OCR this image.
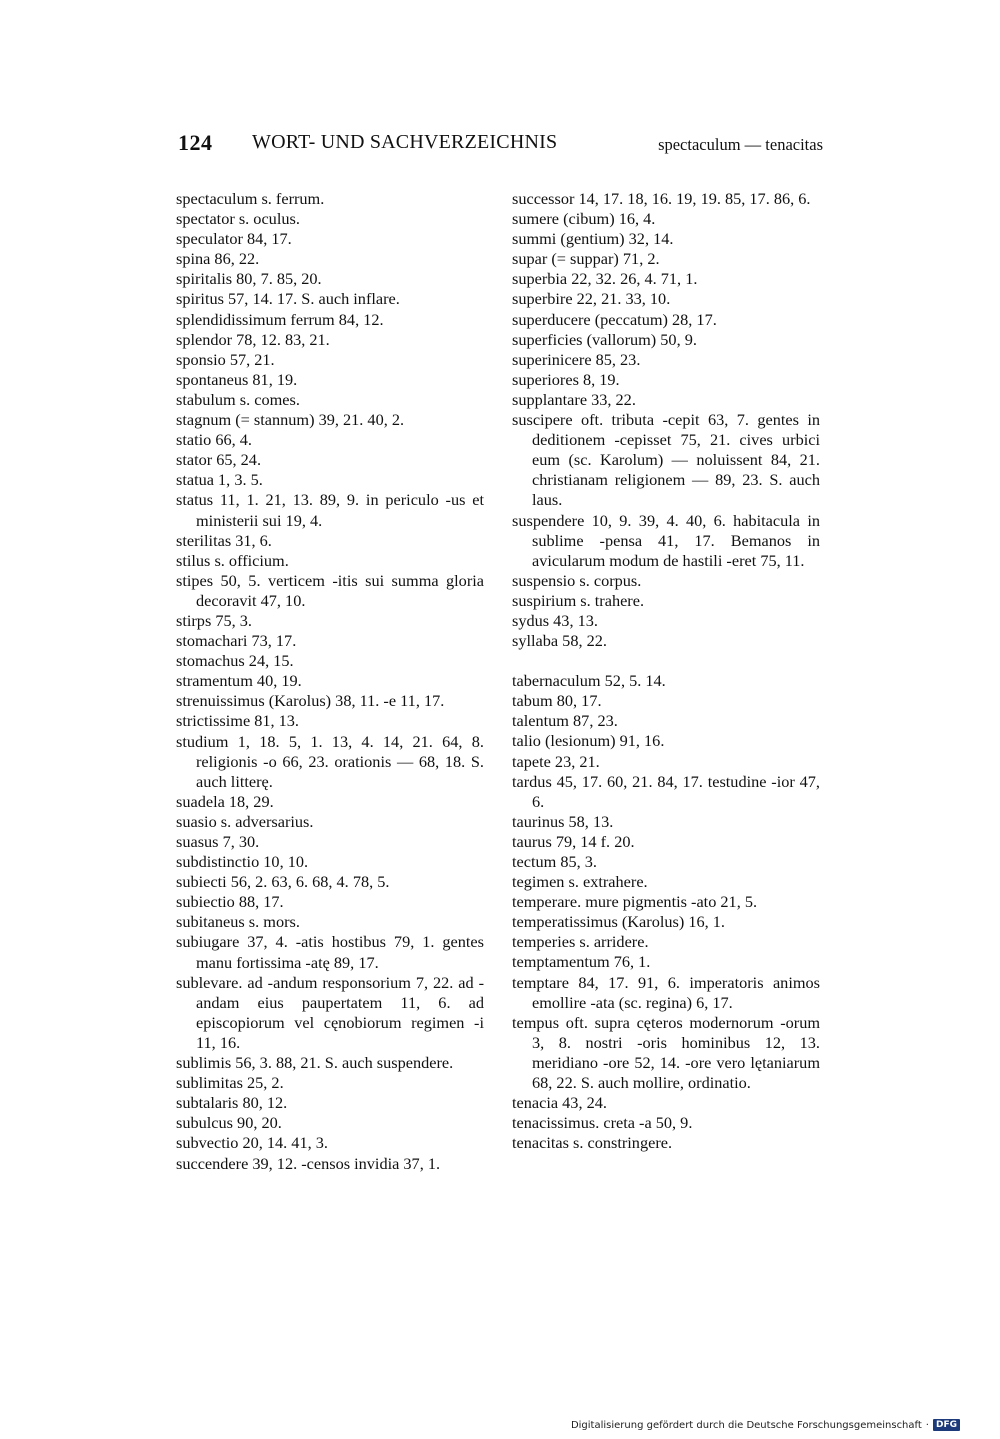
124 WORT- UND SACHVERZEICHNIS	spectaculum — tenacitas

spectaculum s. ferrum.

spectator s. oculus.

speculator 84, 17.

spina 86, 22.

spiritalis 80, 7. 85, 20.

spiritus 57, 14. 17. S. auch inflare.

splendidissimum ferrum 84, 12.

splendor 78, 12. 83, 21.

sponsio 57, 21.

spontaneus 81, 19.

stabulum s. comes.

stagnum (= stannum) 39, 21. 40, 2.

statio 66, 4.

stator 65, 24.

statua 1, 3. 5.

status 11, 1. 21, 13. 89, 9. in periculo -us et ministerii sui 19, 4.

sterilitas 31, 6.

stilus s. officium.

stipes 50, 5. verticem -itis sui summa gloria decoravit 47, 10.

stirps 75, 3.

stomachari 73, 17.

stomachus 24, 15.

stramentum 40, 19.

strenuissimus (Karolus) 38, 11. -e 11, 17.

strictissime 81, 13.

studium 1, 18. 5, 1. 13, 4. 14, 21. 64, 8. religionis -o 66, 23. orationis — 68, 18. S. auch litterę.

suadela 18, 29.

suasio s. adversarius.

suasus 7, 30.

subdistinctio 10, 10.

subiecti 56, 2. 63, 6. 68, 4. 78, 5.

subiectio 88, 17.

subitaneus s. mors.

subiugare 37, 4. -atis hostibus 79, 1. gentes manu fortissima -atę 89, 17.

sublevare. ad -andum responsorium 7, 22. ad -andam eius paupertatem 11, 6. ad episcopiorum vel cęnobiorum regimen -i 11, 16.

sublimis 56, 3. 88, 21. S. auch suspendere.

sublimitas 25, 2.

subtalaris 80, 12.

subulcus 90, 20.

subvectio 20, 14. 41, 3.

succendere 39, 12. -censos invidia 37, 1.

successor 14, 17. 18, 16. 19, 19. 85, 17. 86, 6.

sumere (cibum) 16, 4.

summi (gentium) 32, 14.

supar (= suppar) 71, 2.

superbia 22, 32. 26, 4. 71, 1.

superbire 22, 21. 33, 10.

superducere (peccatum) 28, 17.

superficies (vallorum) 50, 9.

superinicere 85, 23.

superiores 8, 19.

supplantare 33, 22.

suscipere oft. tributa -cepit 63, 7. gentes in deditionem -cepisset 75, 21. cives urbici eum (sc. Karolum) — noluissent 84, 21. christianam religionem — 89, 23. S. auch laus.

suspendere 10, 9. 39, 4. 40, 6. habitacula in sublime -pensa 41, 17. Bemanos in avicularum modum de hastili -eret 75, 11.

suspensio s. corpus.

suspirium s. trahere.

sydus 43, 13.

syllaba 58, 22.

tabernaculum 52, 5. 14.

tabum 80, 17.

talentum 87, 23.

talio (lesionum) 91, 16.

tapete 23, 21.

tardus 45, 17. 60, 21. 84, 17. testudine -ior 47, 6.

taurinus 58, 13.

taurus 79, 14 f. 20.

tectum 85, 3.

tegimen s. extrahere.

temperare. mure pigmentis -ato 21, 5.

temperatissimus (Karolus) 16, 1.

temperies s. arridere.

temptamentum 76, 1.

temptare 84, 17. 91, 6. imperatoris animos emollire -ata (sc. regina) 6, 17.

tempus oft. supra cęteros modernorum -orum 3, 8. nostri -oris hominibus 12, 13. meridiano -ore 52, 14. -ore vero lętaniarum 68, 22. S. auch mollire, ordinatio.

tenacia 43, 24.

tenacissimus. creta -a 50, 9.

tenacitas s. constringere.

Digitalisierung gefördert durch die Deutsche Forschungsgemeinschaft · DFG
